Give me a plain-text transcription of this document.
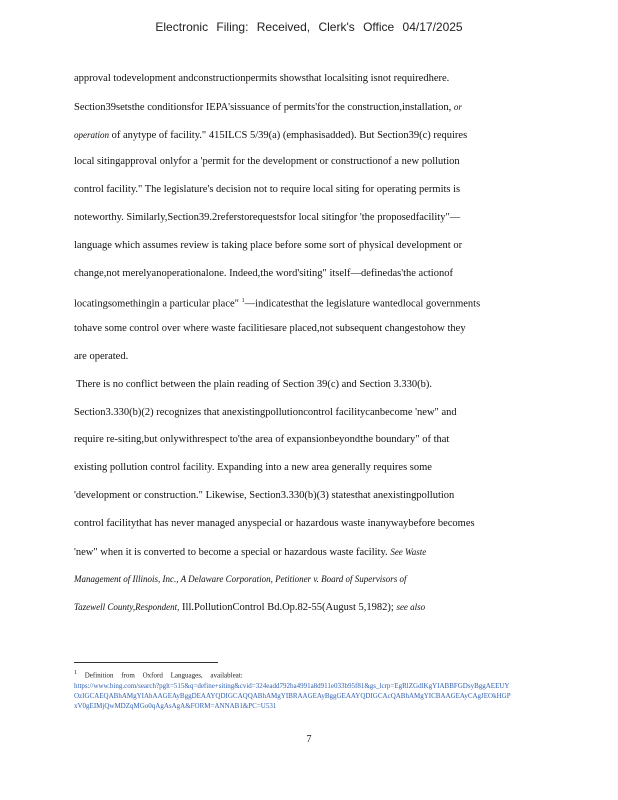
Electronic Filing: Received, Clerk's Office 04/17/2025
approval todevelopment andconstructionpermits showsthat localsiting isnot requiredhere.
Section39setsthe conditionsfor IEPA'sissuance of permits'for the construction,installation, or
operation of anytype of facility." 415ILCS 5/39(a) (emphasisadded). But Section39(c) requires
local sitingapproval onlyfor a 'permit for the development or constructionof a new pollution
control facility." The legislature's decision not to require local siting for operating permits is
noteworthy. Similarly,Section39.2referstorequestsfor local sitingfor 'the proposedfacility"—
language which assumes review is taking place before some sort of physical development or
change,not merelyanoperationalone. Indeed,the word'siting" itself—definedas'the actionof
locatingsomethingin a particular place" $^1$—indicatesthat the legislature wantedlocal governments
tohave some control over where waste facilitiesare placed,not subsequent changestohow they
are operated.
There is no conflict between the plain reading of Section 39(c) and Section 3.330(b).
Section3.330(b)(2) recognizes that anexistingpollutioncontrol facilitycanbecome 'new" and
require re-siting,but onlywithrespect to'the area of expansionbeyondthe boundary" of that
existing pollution control facility. Expanding into a new area generally requires some
'development or construction." Likewise, Section3.330(b)(3) statesthat anexistingpollution
control facilitythat has never managed anyspecial or hazardous waste inanywaybefore becomes
'new" when it is converted to become a special or hazardous waste facility. See Waste
Management of Illinois, Inc., A Delaware Corporation, Petitioner v. Board of Supervisors of
Tazewell County,Respondent, Ill.PollutionControl Bd.Op.82-55(August 5,1982); see also
$^1$ Definition from Oxford Languages, availableat:
https://www.bing.com/search?pglt=515&q=define+siting&cvid=324eadd792ba4991a8d911e033b95f81&gs_lcrp=EgRlZGdlKgYIABBFGDsyBggAEEUYOzIGCAEQABhAMgYIAhAAGEAyBggDEAAYQDIGCAQQABhAMgYIBRAAGEAyBggGEAAYQDIGCAcQABhAMgYICBAAGEAyCAgJEOkHGPxV0gEIMjQwMDZqMGo0qAgAsAgA&FORM=ANNAB1&PC=U531
7
